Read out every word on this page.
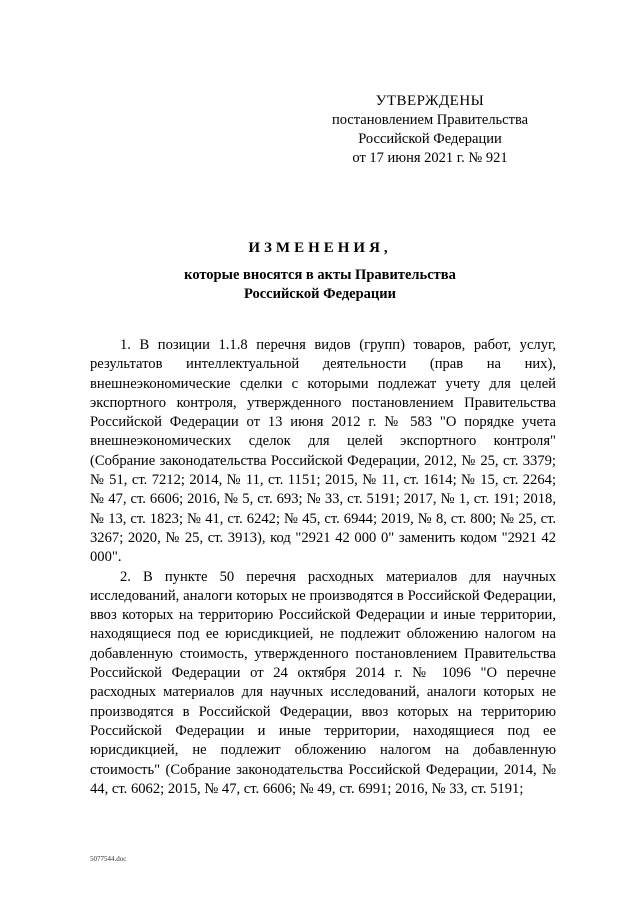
УТВЕРЖДЕНЫ
постановлением Правительства
Российской Федерации
от 17 июня 2021 г. № 921
ИЗМЕНЕНИЯ,
которые вносятся в акты Правительства
Российской Федерации

1. В позиции 1.1.8 перечня видов (групп) товаров, работ, услуг, результатов интеллектуальной деятельности (прав на них), внешнеэкономические сделки с которыми подлежат учету для целей экспортного контроля, утвержденного постановлением Правительства Российской Федерации от 13 июня 2012 г. № 583 "О порядке учета внешнеэкономических сделок для целей экспортного контроля" (Собрание законодательства Российской Федерации, 2012, № 25, ст. 3379; № 51, ст. 7212; 2014, № 11, ст. 1151; 2015, № 11, ст. 1614; № 15, ст. 2264; № 47, ст. 6606; 2016, № 5, ст. 693; № 33, ст. 5191; 2017, № 1, ст. 191; 2018, № 13, ст. 1823; № 41, ст. 6242; № 45, ст. 6944; 2019, № 8, ст. 800; № 25, ст. 3267; 2020, № 25, ст. 3913), код "2921 42 000 0" заменить кодом "2921 42 000".

2. В пункте 50 перечня расходных материалов для научных исследований, аналоги которых не производятся в Российской Федерации, ввоз которых на территорию Российской Федерации и иные территории, находящиеся под ее юрисдикцией, не подлежит обложению налогом на добавленную стоимость, утвержденного постановлением Правительства Российской Федерации от 24 октября 2014 г. № 1096 "О перечне расходных материалов для научных исследований, аналоги которых не производятся в Российской Федерации, ввоз которых на территорию Российской Федерации и иные территории, находящиеся под ее юрисдикцией, не подлежит обложению налогом на добавленную стоимость" (Собрание законодательства Российской Федерации, 2014, № 44, ст. 6062; 2015, № 47, ст. 6606; № 49, ст. 6991; 2016, № 33, ст. 5191;

5077544.doc
